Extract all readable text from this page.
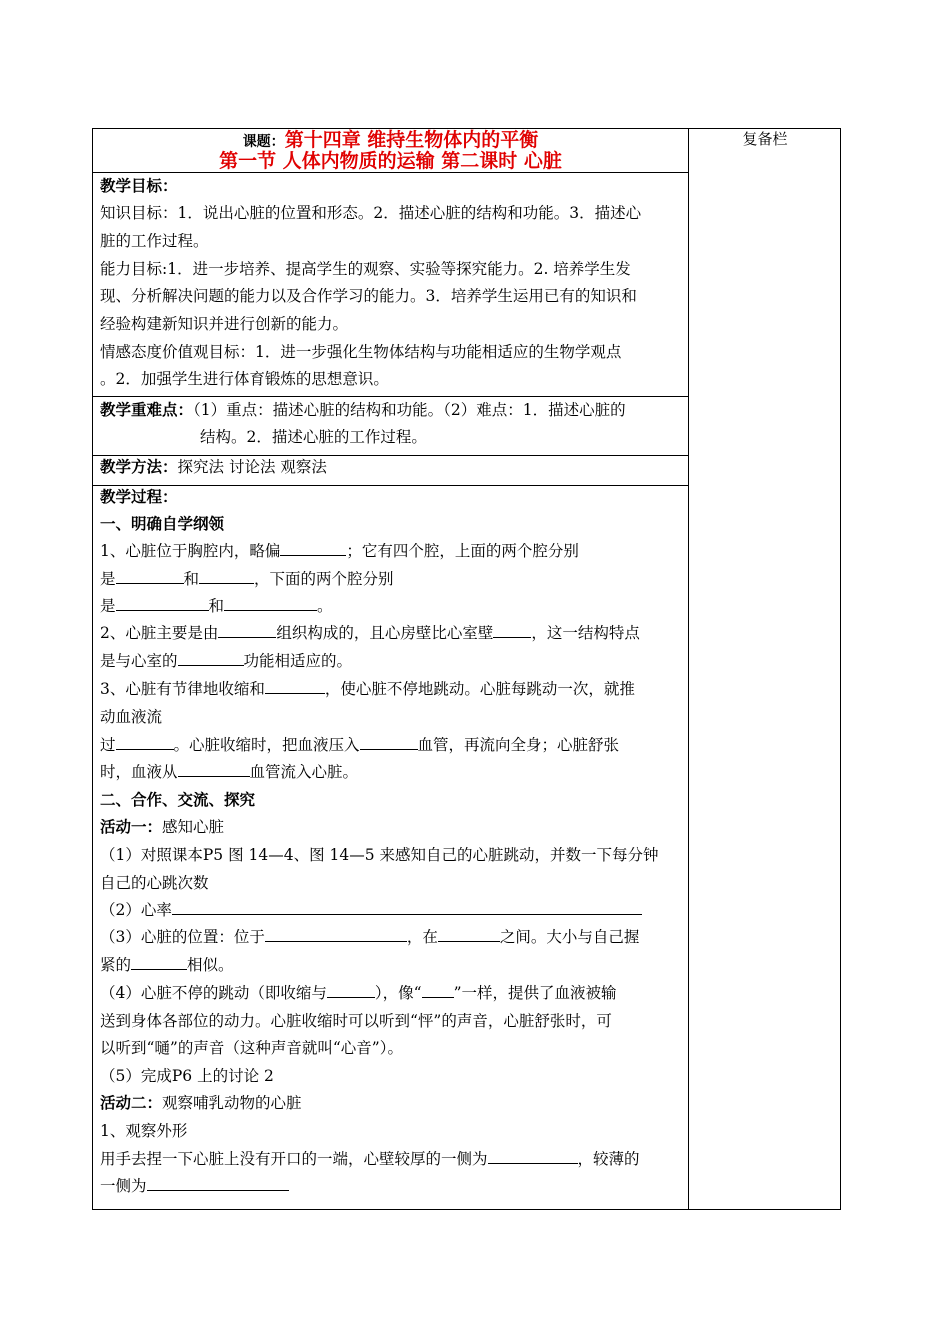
复备栏
课题：第十四章 维持生物体内的平衡
第一节 人体内物质的运输 第二课时 心脏
教学目标：
知识目标：1．说出心脏的位置和形态。2．描述心脏的结构和功能。3．描述心
脏的工作过程。
能力目标:1．进一步培养、提高学生的观察、实验等探究能力。2. 培养学生发
现、分析解决问题的能力以及合作学习的能力。3．培养学生运用已有的知识和
经验构建新知识并进行创新的能力。
情感态度价值观目标：1．进一步强化生物体结构与功能相适应的生物学观点
。2．加强学生进行体育锻炼的思想意识。
教学重难点：（1）重点：描述心脏的结构和功能。（2）难点：1．描述心脏的
结构。2．描述心脏的工作过程。
教学方法：探究法 讨论法 观察法
教学过程：
一、明确自学纲领
1、心脏位于胸腔内，略偏	；它有四个腔，上面的两个腔分别
是	和	，下面的两个腔分别
是	和	。
2、心脏主要是由	组织构成的，且心房壁比心室壁 ，这一结构特点
是与心室的	功能相适应的。
3、心脏有节律地收缩和	，使心脏不停地跳动。心脏每跳动一次，就推
动血液流
过	。心脏收缩时，把血液压入	血管，再流向全身；心脏舒张
时，血液从	血管流入心脏。
二、合作、交流、探究
活动一：感知心脏
（1）对照课本P5 图 14—4、图 14—5 来感知自己的心脏跳动，并数一下每分钟
自己的心跳次数
（2）心率
（3）心脏的位置：位于	，在	之间。大小与自己握
紧的	相似。
（4）心脏不停的跳动（即收缩与	），像“ ”一样，提供了血液被输
送到身体各部位的动力。心脏收缩时可以听到“怦”的声音，心脏舒张时，可
以听到“嗵”的声音（这种声音就叫“心音”）。
（5）完成P6 上的讨论 2
活动二：观察哺乳动物的心脏
1、观察外形
用手去捏一下心脏上没有开口的一端，心壁较厚的一侧为	，较薄的
一侧为
